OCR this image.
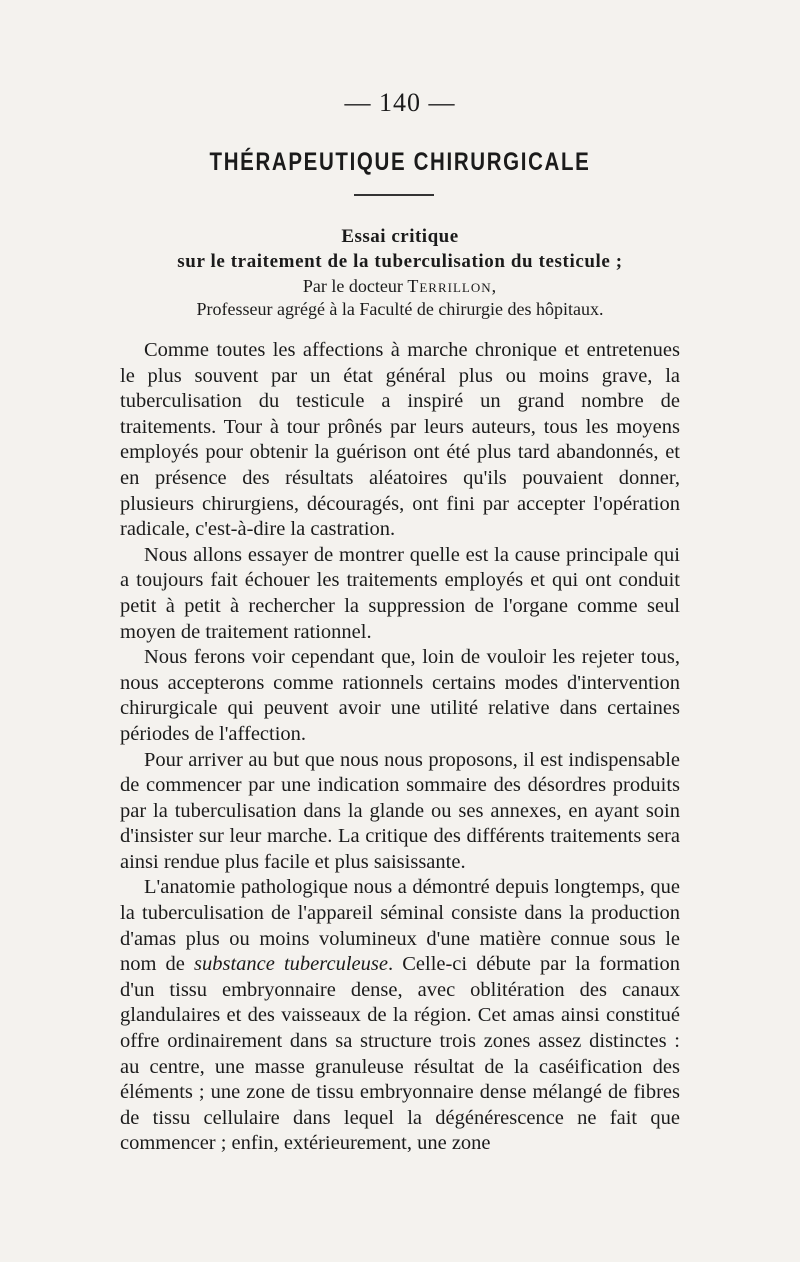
— 140 —
THÉRAPEUTIQUE CHIRURGICALE
Essai critique
sur le traitement de la tuberculisation du testicule ;
Par le docteur Terrillon,
Professeur agrégé à la Faculté de chirurgie des hôpitaux.

Comme toutes les affections à marche chronique et entretenues le plus souvent par un état général plus ou moins grave, la tuberculisation du testicule a inspiré un grand nombre de traitements. Tour à tour prônés par leurs auteurs, tous les moyens employés pour obtenir la guérison ont été plus tard abandonnés, et en présence des résultats aléatoires qu'ils pouvaient donner, plusieurs chirurgiens, découragés, ont fini par accepter l'opération radicale, c'est-à-dire la castration.

Nous allons essayer de montrer quelle est la cause principale qui a toujours fait échouer les traitements employés et qui ont conduit petit à petit à rechercher la suppression de l'organe comme seul moyen de traitement rationnel.

Nous ferons voir cependant que, loin de vouloir les rejeter tous, nous accepterons comme rationnels certains modes d'intervention chirurgicale qui peuvent avoir une utilité relative dans certaines périodes de l'affection.

Pour arriver au but que nous nous proposons, il est indispensable de commencer par une indication sommaire des désordres produits par la tuberculisation dans la glande ou ses annexes, en ayant soin d'insister sur leur marche. La critique des différents traitements sera ainsi rendue plus facile et plus saisissante.

L'anatomie pathologique nous a démontré depuis longtemps, que la tuberculisation de l'appareil séminal consiste dans la production d'amas plus ou moins volumineux d'une matière connue sous le nom de substance tuberculeuse. Celle-ci débute par la formation d'un tissu embryonnaire dense, avec oblitération des canaux glandulaires et des vaisseaux de la région. Cet amas ainsi constitué offre ordinairement dans sa structure trois zones assez distinctes : au centre, une masse granuleuse résultat de la caséification des éléments ; une zone de tissu embryonnaire dense mélangé de fibres de tissu cellulaire dans lequel la dégénérescence ne fait que commencer ; enfin, extérieurement, une zone
